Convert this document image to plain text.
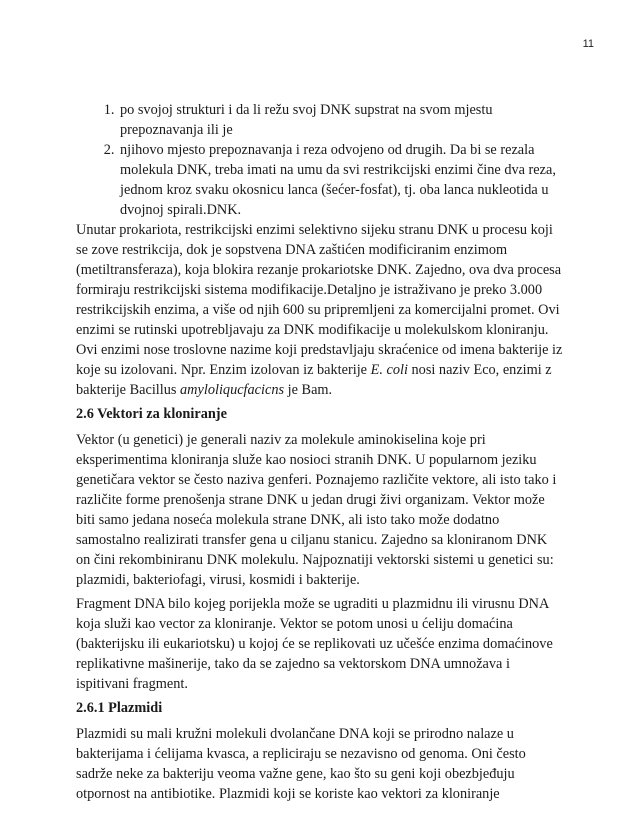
11
1. po svojoj strukturi i da li režu svoj DNK supstrat na svom mjestu prepoznavanja ili je
2. njihovo mjesto prepoznavanja i reza odvojeno od drugih. Da bi se rezala molekula DNK, treba imati na umu da svi restrikcijski enzimi čine dva reza, jednom kroz svaku okosnicu lanca (šećer-fosfat), tj. oba lanca nukleotida u dvojnoj spirali.DNK.

Unutar prokariota, restrikcijski enzimi selektivno sijeku stranu DNK u procesu koji se zove restrikcija, dok je sopstvena DNA zaštićen modificiranim enzimom (metiltransferaza), koja blokira rezanje prokariotske DNK. Zajedno, ova dva procesa formiraju restrikcijski sistema modifikacije.Detaljno je istraživano je preko 3.000 restrikcijskih enzima, a više od njih 600 su pripremljeni za komercijalni promet. Ovi enzimi se rutinski upotrebljavaju za DNK modifikacije u molekulskom kloniranju. Ovi enzimi nose troslovne nazime koji predstavljaju skraćenice od imena bakterije iz koje su izolovani. Npr. Enzim izolovan iz bakterije E. coli nosi naziv Eco, enzimi z bakterije Bacillus amyloliqucfacicns je Bam.

2.6 Vektori za kloniranje

Vektor (u genetici) je generali naziv za molekule aminokiselina koje pri eksperimentima kloniranja služe kao nosioci stranih DNK. U popularnom jeziku genetičara vektor se često naziva genferi. Poznajemo različite vektore, ali isto tako i različite forme prenošenja strane DNK u jedan drugi živi organizam. Vektor može biti samo jedana noseća molekula strane DNK, ali isto tako može dodatno samostalno realizirati transfer gena u ciljanu stanicu. Zajedno sa kloniranom DNK on čini rekombiniranu DNK molekulu. Najpoznatiji vektorski sistemi u genetici su: plazmidi, bakteriofagi, virusi, kosmidi i bakterije.

Fragment DNA bilo kojeg porijekla može se ugraditi u plazmidnu ili virusnu DNA koja služi kao vector za kloniranje. Vektor se potom unosi u ćeliju domaćina (bakterijsku ili eukariotsku) u kojoj će se replikovati uz učešće enzima domaćinove replikativne mašinerije, tako da se zajedno sa vektorskom DNA umnožava i ispitivani fragment.

2.6.1 Plazmidi

Plazmidi su mali kružni molekuli dvolančane DNA koji se prirodno nalaze u bakterijama i ćelijama kvasca, a repliciraju se nezavisno od genoma. Oni često sadrže neke za bakteriju veoma važne gene, kao što su geni koji obezbjeđuju otpornost na antibiotike. Plazmidi koji se koriste kao vektori za kloniranje
